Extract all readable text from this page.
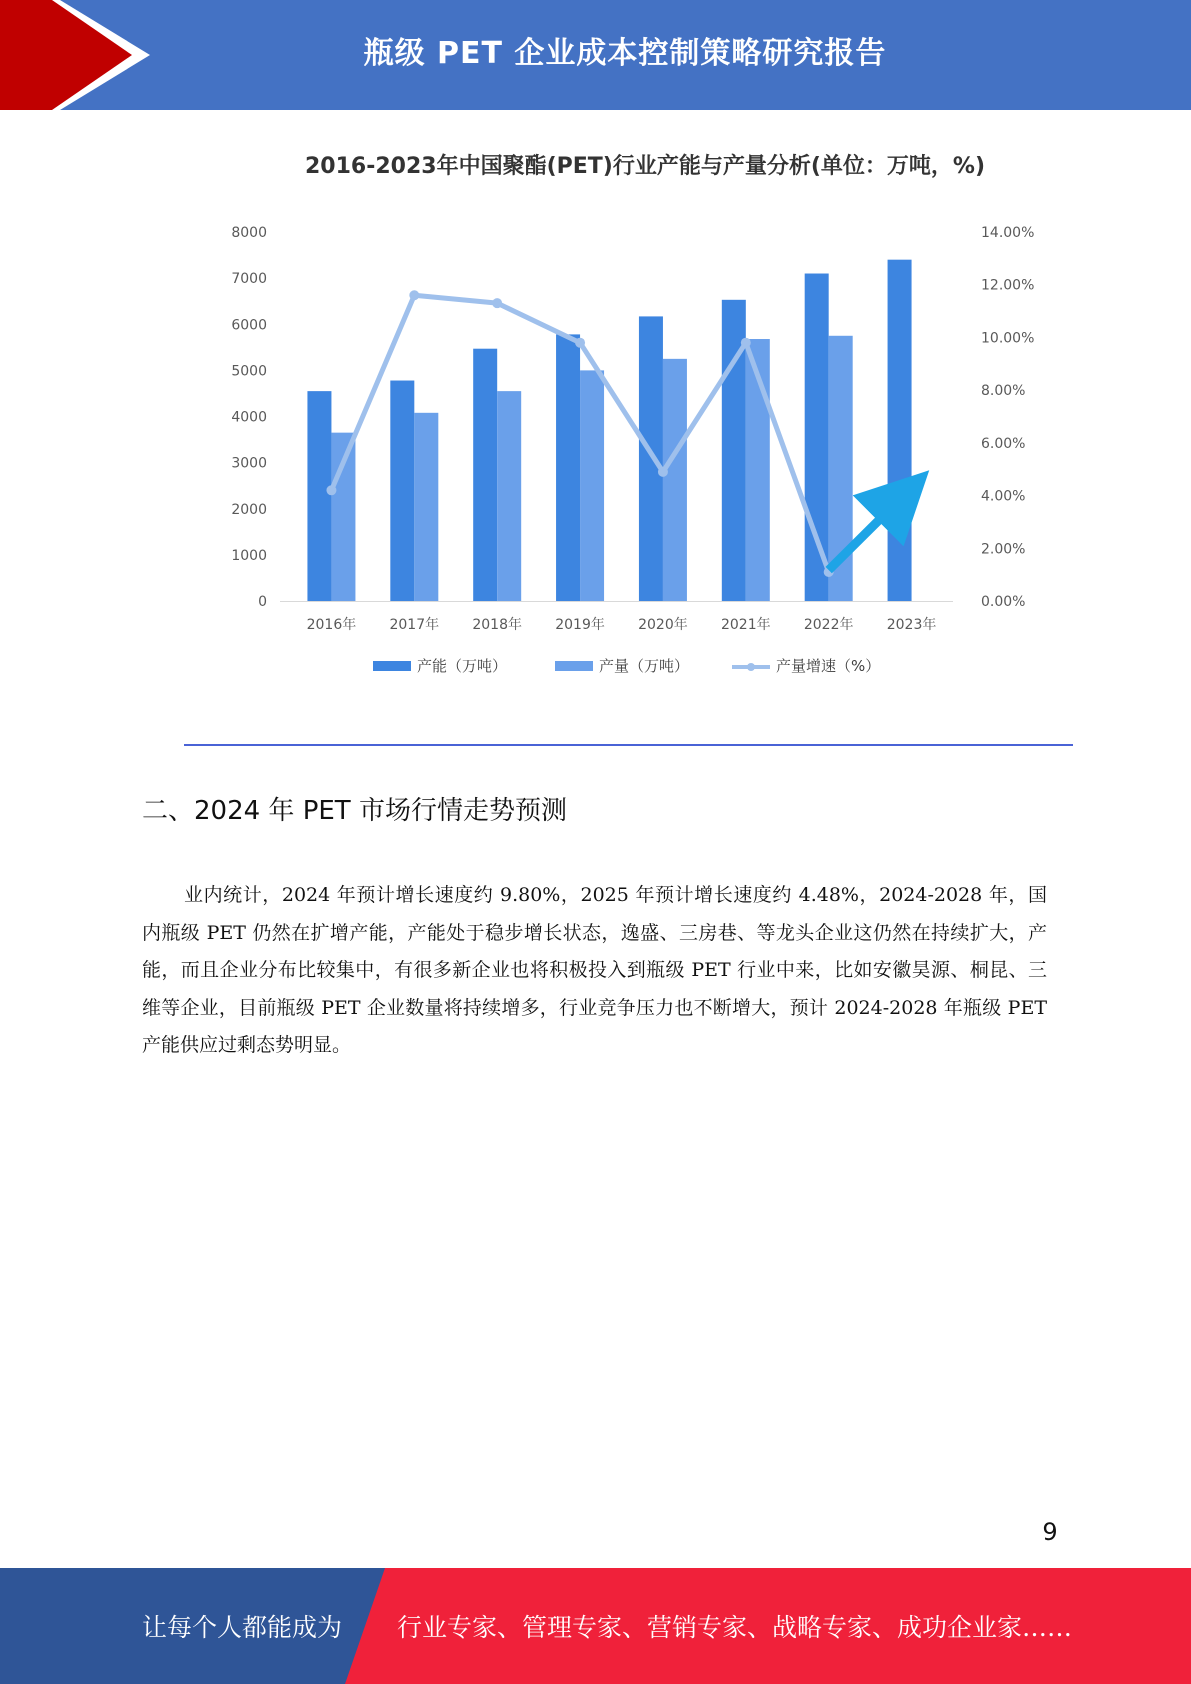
瓶级 PET 企业成本控制策略研究报告
2016-2023年中国聚酯(PET)行业产能与产量分析(单位：万吨，%)
0
1000
2000
3000
4000
5000
6000
7000
8000
0.00%
2.00%
4.00%
6.00%
8.00%
10.00%
12.00%
14.00%
2016年 2017年 2018年 2019年 2020年 2021年 2022年 2023年
产能（万吨）	产量（万吨）	产量增速（%）
二、2024 年 PET 市场行情走势预测

业内统计，2024 年预计增长速度约 9.80%，2025 年预计增长速度约 4.48%，2024-2028 年，国内瓶级 PET 仍然在扩增产能，产能处于稳步增长状态，逸盛、三房巷、等龙头企业这仍然在持续扩大，产能，而且企业分布比较集中，有很多新企业也将积极投入到瓶级 PET 行业中来，比如安徽昊源、桐昆、三维等企业，目前瓶级 PET 企业数量将持续增多，行业竞争压力也不断增大，预计 2024-2028 年瓶级 PET 产能供应过剩态势明显。

9
让每个人都能成为 行业专家、管理专家、营销专家、战略专家、成功企业家……
